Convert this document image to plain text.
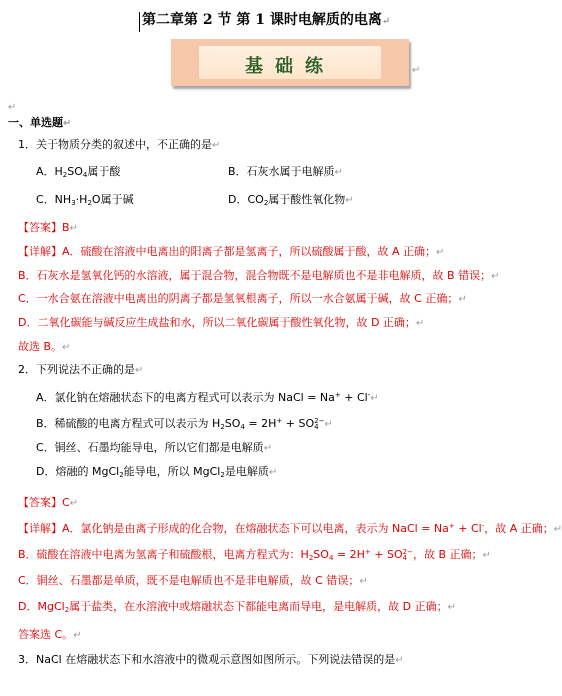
第二章第 2 节 第 1 课时电解质的电离↵
基础练	↵
↵
一、单选题↵
1．关于物质分类的叙述中，不正确的是↵
A．$H_2SO_4$属于酸	B．石灰水属于电解质↵
C．$NH_3\cdot H_2O$属于碱	D．$CO_2$属于酸性氧化物↵
【答案】B↵
【详解】A．硫酸在溶液中电离出的阳离子都是氢离子，所以硫酸属于酸，故 A 正确；↵
B．石灰水是氢氧化钙的水溶液，属于混合物，混合物既不是电解质也不是非电解质，故 B 错误；↵
C．一水合氨在溶液中电离出的阴离子都是氢氧根离子，所以一水合氨属于碱，故 C 正确；↵
D．二氧化碳能与碱反应生成盐和水，所以二氧化碳属于酸性氧化物，故 D 正确；↵
故选 B。↵
2．下列说法不正确的是↵
A．氯化钠在熔融状态下的电离方程式可以表示为 NaCl = Na+ + Cl-↵
B．稀硫酸的电离方程式可以表示为 $H_2SO_4 = 2H^+$ + SO 2−
4 ↵
C．铜丝、石墨均能导电，所以它们都是电解质↵
D．熔融的 MgCl$_2$能导电，所以 MgCl$_2$是电解质↵
【答案】C↵
【详解】A．氯化钠是由离子形成的化合物，在熔融状态下可以电离，表示为 NaCl = Na+ + Cl-，故 A 正确；↵
B．硫酸在溶液中电离为氢离子和硫酸根，电离方程式为：$H_2SO_4 = 2H^+$ + SO 2−
4 ，故 B 正确；↵
C．铜丝、石墨都是单质，既不是电解质也不是非电解质，故 C 错误；↵
D．MgCl$_2$属于盐类，在水溶液中或熔融状态下都能电离而导电，是电解质，故 D 正确；↵
答案选 C。↵
3．NaCl 在熔融状态下和水溶液中的微观示意图如图所示。下列说法错误的是↵
